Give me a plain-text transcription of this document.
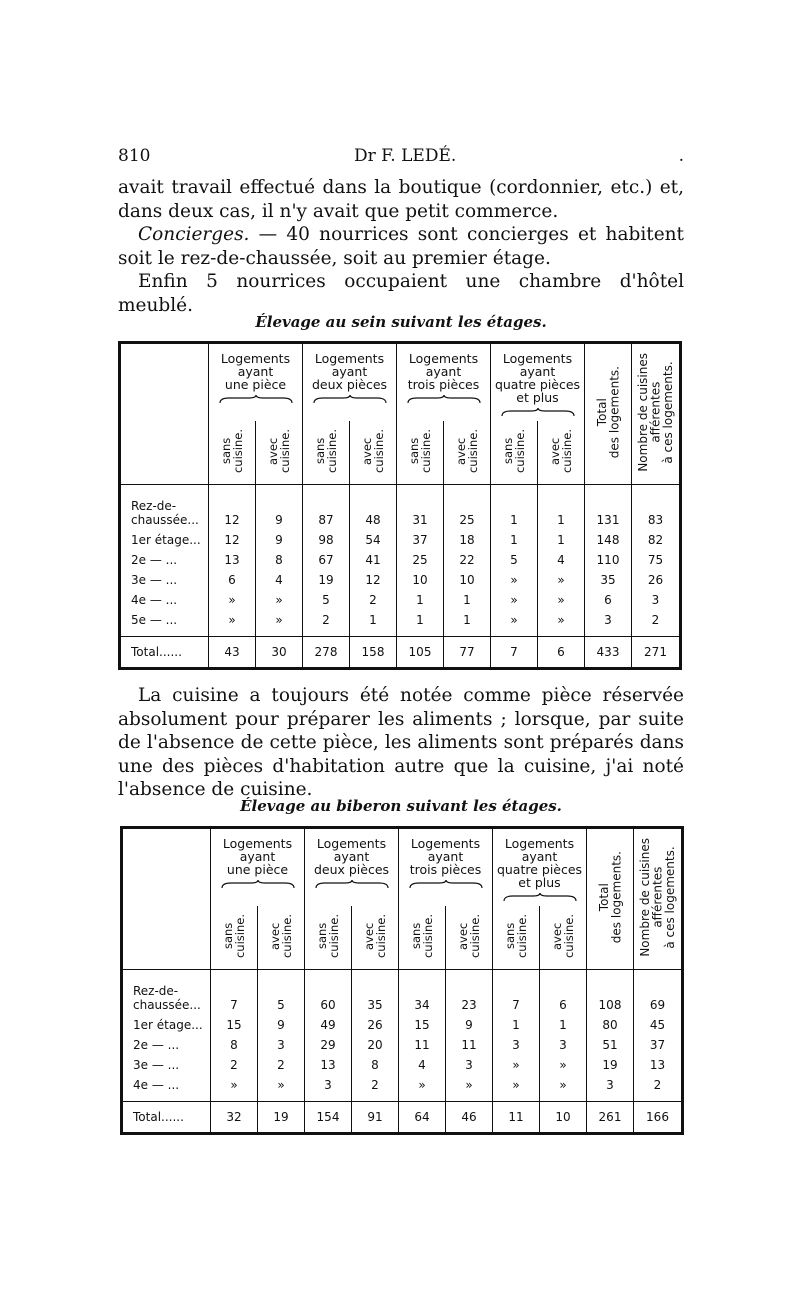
810	Dr F. LEDÉ.	.

avait travail effectué dans la boutique (cordonnier, etc.) et, dans deux cas, il n'y avait que petit commerce.

Concierges. — 40 nourrices sont concierges et habitent soit le rez-de-chaussée, soit au premier étage.

Enfin 5 nourrices occupaient une chambre d'hôtel meublé.

Élevage au sein suivant les étages.
	Logements
ayant
une pièce		Logements
ayant
deux pièces		Logements
ayant
trois pièces		Logements
ayant
quatre pièces
et plus		Total
des logements.	Nombre de cuisines
afférentes
à ces logements.

	sans
cuisine.	avec
cuisine.	sans
cuisine.	avec
cuisine.	sans
cuisine.	avec
cuisine.	sans
cuisine.	avec
cuisine.		
Rez-de-
chaussée...	12	9	87	48	31	25	1	1	131	83
1er étage...	12	9	98	54	37	18	1	1	148	82
2e — ...	13	8	67	41	25	22	5	4	110	75
3e — ...	6	4	19	12	10	10	»	»	35	26
4e — ...	»	»	5	2	1	1	»	»	6	3
5e — ...	»	»	2	1	1	1	»	»	3	2

Total......	43	30	278	158	105	77	7	6	433	271

La cuisine a toujours été notée comme pièce réservée absolument pour préparer les aliments ; lorsque, par suite de l'absence de cette pièce, les aliments sont préparés dans une des pièces d'habitation autre que la cuisine, j'ai noté l'absence de cuisine.

Élevage au biberon suivant les étages.
	Logements
ayant
une pièce		Logements
ayant
deux pièces		Logements
ayant
trois pièces		Logements
ayant
quatre pièces
et plus		Total
des logements.	Nombre de cuisines
afférentes
à ces logements.

	sans
cuisine.	avec
cuisine.	sans
cuisine.	avec
cuisine.	sans
cuisine.	avec
cuisine.	sans
cuisine.	avec
cuisine.		
Rez-de-
chaussée...	7	5	60	35	34	23	7	6	108	69
1er étage...	15	9	49	26	15	9	1	1	80	45
2e — ...	8	3	29	20	11	11	3	3	51	37
3e — ...	2	2	13	8	4	3	»	»	19	13
4e — ...	»	»	3	2	»	»	»	»	3	2

Total......	32	19	154	91	64	46	11	10	261	166
